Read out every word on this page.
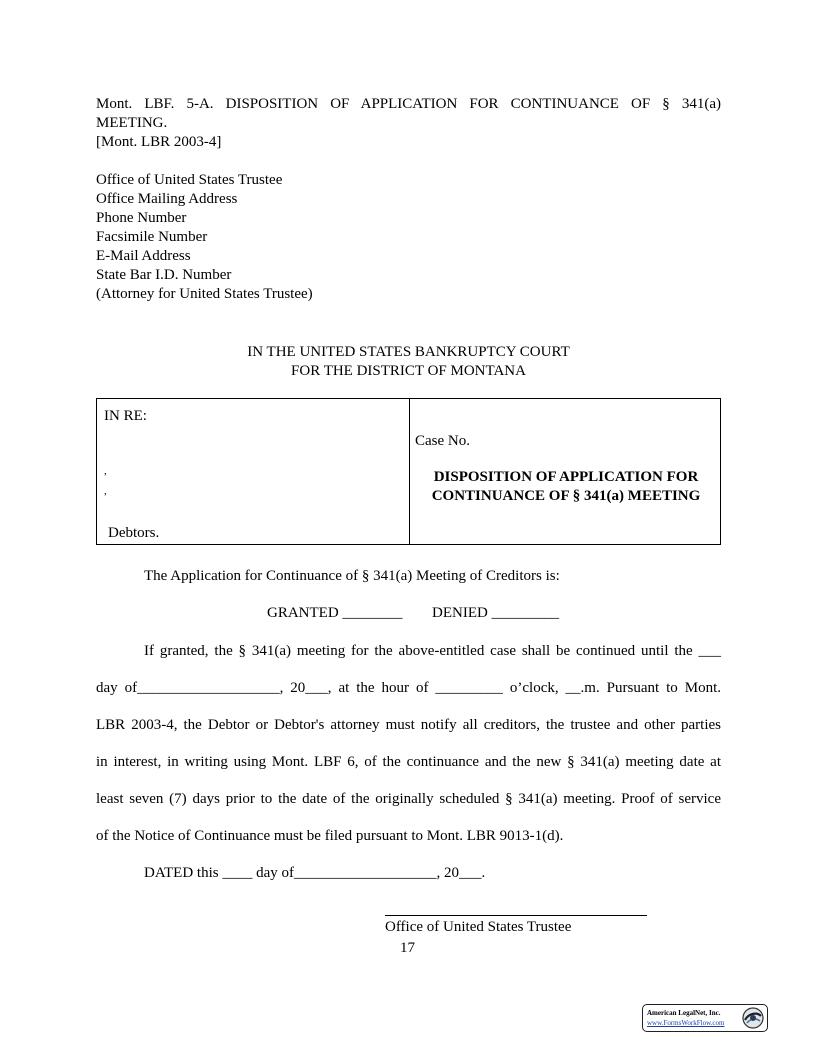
Mont. LBF. 5-A. DISPOSITION OF APPLICATION FOR CONTINUANCE OF § 341(a)
MEETING.
[Mont. LBR 2003-4]
Office of United States Trustee
Office Mailing Address
Phone Number
Facsimile Number
E-Mail Address
State Bar I.D. Number
(Attorney for United States Trustee)
IN THE UNITED STATES BANKRUPTCY COURT
FOR THE DISTRICT OF MONTANA
IN RE:
,
,
Debtors.
Case No.
DISPOSITION OF APPLICATION FOR
CONTINUANCE OF § 341(a) MEETING
The Application for Continuance of § 341(a) Meeting of Creditors is:
GRANTED ________ DENIED _________
If granted, the § 341(a) meeting for the above-entitled case shall be continued until the ___
day of___________________, 20___, at the hour of _________ o’clock, __.m. Pursuant to Mont.
LBR 2003-4, the Debtor or Debtor's attorney must notify all creditors, the trustee and other parties
in interest, in writing using Mont. LBF 6, of the continuance and the new § 341(a) meeting date at
least seven (7) days prior to the date of the originally scheduled § 341(a) meeting. Proof of service
of the Notice of Continuance must be filed pursuant to Mont. LBR 9013-1(d).
DATED this ____ day of___________________, 20___.
Office of United States Trustee
17
American LegalNet, Inc.
www.FormsWorkFlow.com
